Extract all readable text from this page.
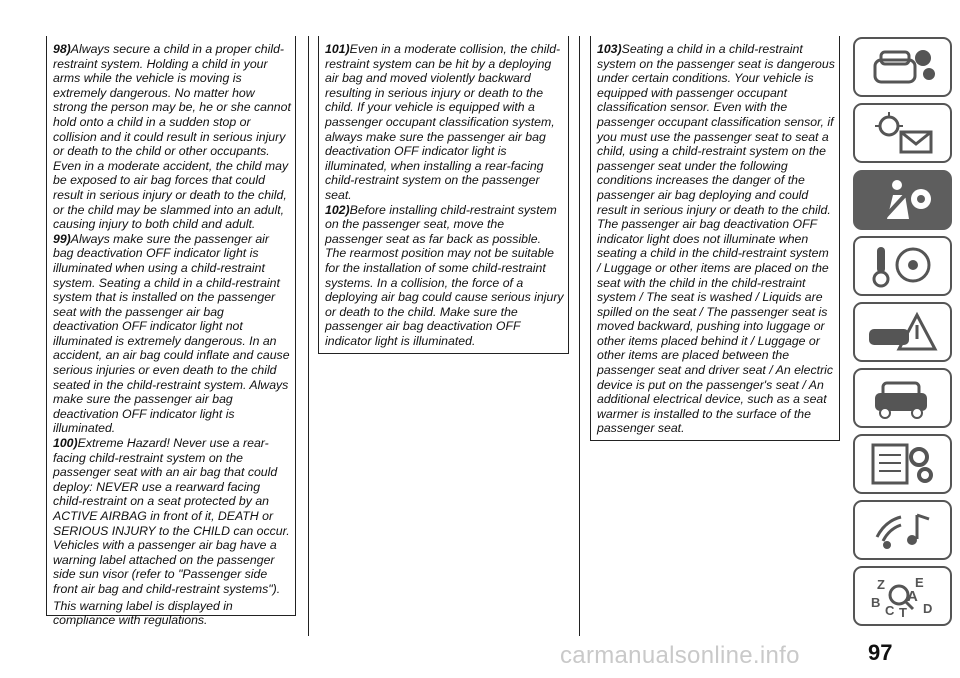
98)Always secure a child in a proper child-restraint system. Holding a child in your arms while the vehicle is moving is extremely dangerous. No matter how strong the person may be, he or she cannot hold onto a child in a sudden stop or collision and it could result in serious injury or death to the child or other occupants. Even in a moderate accident, the child may be exposed to air bag forces that could result in serious injury or death to the child, or the child may be slammed into an adult, causing injury to both child and adult.

99)Always make sure the passenger air bag deactivation OFF indicator light is illuminated when using a child-restraint system. Seating a child in a child-restraint system that is installed on the passenger seat with the passenger air bag deactivation OFF indicator light not illuminated is extremely dangerous. In an accident, an air bag could inflate and cause serious injuries or even death to the child seated in the child-restraint system. Always make sure the passenger air bag deactivation OFF indicator light is illuminated.

100)Extreme Hazard! Never use a rear-facing child-restraint system on the passenger seat with an air bag that could deploy: NEVER use a rearward facing child-restraint on a seat protected by an ACTIVE AIRBAG in front of it, DEATH or SERIOUS INJURY to the CHILD can occur. Vehicles with a passenger air bag have a warning label attached on the passenger side sun visor (refer to "Passenger side front air bag and child-restraint systems").

This warning label is displayed in compliance with regulations.

101)Even in a moderate collision, the child-restraint system can be hit by a deploying air bag and moved violently backward resulting in serious injury or death to the child. If your vehicle is equipped with a passenger occupant classification system, always make sure the passenger air bag deactivation OFF indicator light is illuminated, when installing a rear-facing child-restraint system on the passenger seat.

102)Before installing child-restraint system on the passenger seat, move the passenger seat as far back as possible. The rearmost position may not be suitable for the installation of some child-restraint systems. In a collision, the force of a deploying air bag could cause serious injury or death to the child. Make sure the passenger air bag deactivation OFF indicator light is illuminated.

103)Seating a child in a child-restraint system on the passenger seat is dangerous under certain conditions. Your vehicle is equipped with passenger occupant classification sensor. Even with the passenger occupant classification sensor, if you must use the passenger seat to seat a child, using a child-restraint system on the passenger seat under the following conditions increases the danger of the passenger air bag deploying and could result in serious injury or death to the child. The passenger air bag deactivation OFF indicator light does not illuminate when seating a child in the child-restraint system / Luggage or other items are placed on the seat with the child in the child-restraint system / The seat is washed / Liquids are spilled on the seat / The passenger seat is moved backward, pushing into luggage or other items placed behind it / Luggage or other items are placed between the passenger seat and driver seat / An electric device is put on the passenger's seat / An additional electrical device, such as a seat warmer is installed to the surface of the passenger seat.

Z E
A
B
C T D
carmanualsonline.info	97
